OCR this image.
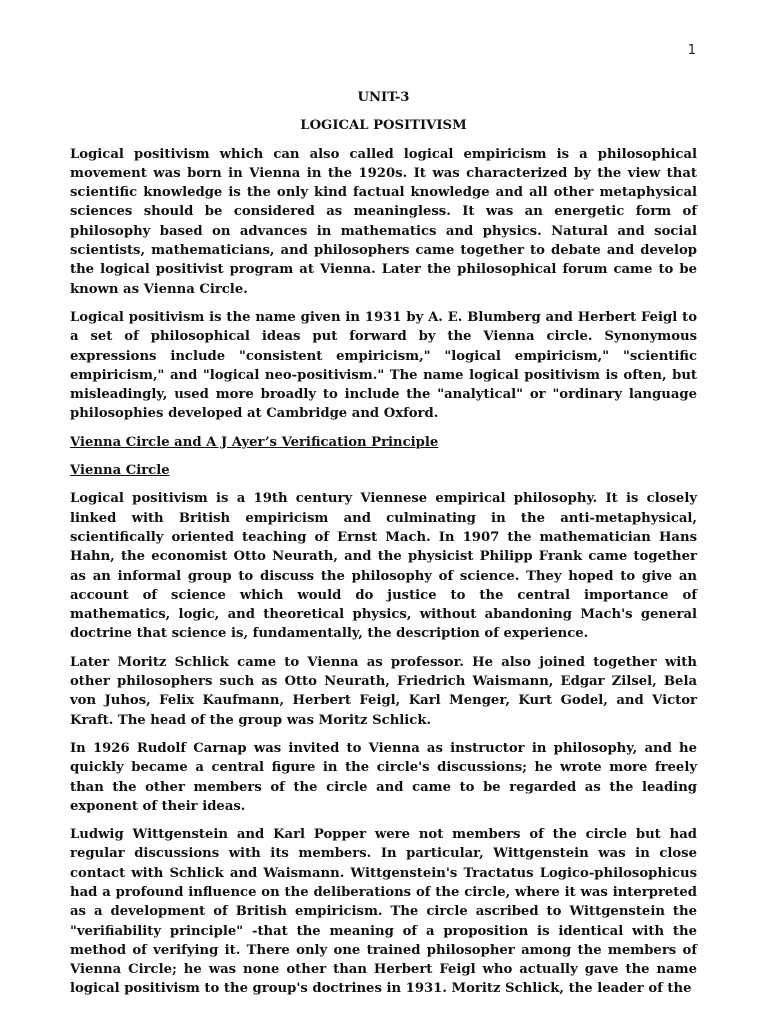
1
UNIT-3
LOGICAL POSITIVISM

Logical positivism which can also called logical empiricism is a philosophical movement was born in Vienna in the 1920s. It was characterized by the view that scientific knowledge is the only kind factual knowledge and all other metaphysical sciences should be considered as meaningless. It was an energetic form of philosophy based on advances in mathematics and physics. Natural and social scientists, mathematicians, and philosophers came together to debate and develop the logical positivist program at Vienna. Later the philosophical forum came to be known as Vienna Circle.

Logical positivism is the name given in 1931 by A. E. Blumberg and Herbert Feigl to a set of philosophical ideas put forward by the Vienna circle. Synonymous expressions include "consistent empiricism," "logical empiricism," "scientific empiricism," and "logical neo-positivism." The name logical positivism is often, but misleadingly, used more broadly to include the "analytical" or "ordinary language philosophies developed at Cambridge and Oxford.

Vienna Circle and A J Ayer’s Verification Principle
Vienna Circle

Logical positivism is a 19th century Viennese empirical philosophy. It is closely linked with British empiricism and culminating in the anti-metaphysical, scientifically oriented teaching of Ernst Mach. In 1907 the mathematician Hans Hahn, the economist Otto Neurath, and the physicist Philipp Frank came together as an informal group to discuss the philosophy of science. They hoped to give an account of science which would do justice to the central importance of mathematics, logic, and theoretical physics, without abandoning Mach's general doctrine that science is, fundamentally, the description of experience.

Later Moritz Schlick came to Vienna as professor. He also joined together with other philosophers such as Otto Neurath, Friedrich Waismann, Edgar Zilsel, Bela von Juhos, Felix Kaufmann, Herbert Feigl, Karl Menger, Kurt Godel, and Victor Kraft. The head of the group was Moritz Schlick.

In 1926 Rudolf Carnap was invited to Vienna as instructor in philosophy, and he quickly became a central figure in the circle's discussions; he wrote more freely than the other members of the circle and came to be regarded as the leading exponent of their ideas.

Ludwig Wittgenstein and Karl Popper were not members of the circle but had regular discussions with its members. In particular, Wittgenstein was in close contact with Schlick and Waismann. Wittgenstein's Tractatus Logico-philosophicus had a profound influence on the deliberations of the circle, where it was interpreted as a development of British empiricism. The circle ascribed to Wittgenstein the "verifiability principle" -that the meaning of a proposition is identical with the method of verifying it. There only one trained philosopher among the members of Vienna Circle; he was none other than Herbert Feigl who actually gave the name logical positivism to the group's doctrines in 1931. Moritz Schlick, the leader of the
